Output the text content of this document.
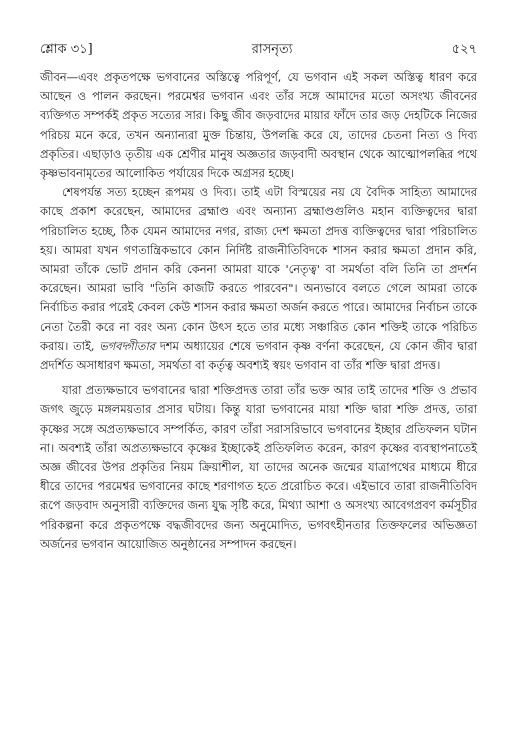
শ্লোক ৩১]	রাসনৃত্য	৫২৭

জীবন—এবং প্রকৃতপক্ষে ভগবানের অস্তিত্বে পরিপূর্ণ, যে ভগবান এই সকল অস্তিত্ব ধারণ করে আছেন ও পালন করছেন। পরমেশ্বর ভগবান এবং তাঁর সঙ্গে আমাদের মতো অসংখ্য জীবনের ব্যক্তিগত সম্পর্কই প্রকৃত সত্যের সার। কিছু জীব জড়বাদের মায়ার ফাঁদে তার জড় দেহটিকে নিজের পরিচয় মনে করে, তখন অন্যান্যরা মুক্ত চিন্তায়, উপলব্ধি করে যে, তাদের চেতনা নিত্য ও দিব্য প্রকৃতির। এছাড়াও তৃতীয় এক শ্রেণীর মানুষ অজ্ঞতার জড়বাদী অবস্থান থেকে আত্মোপলব্ধির পথে কৃষ্ণভাবনামৃতের আলোকিত পর্যায়ের দিকে অগ্রসর হচ্ছে।

শেষপর্যন্ত সত্য হচ্ছেন রূপময় ও দিব্য। তাই এটা বিস্ময়ের নয় যে বৈদিক সাহিত্য আমাদের কাছে প্রকাশ করেছেন, আমাদের ব্রহ্মাণ্ড এবং অন্যান্য ব্রহ্মাণ্ডগুলিও মহান ব্যক্তিত্বদের দ্বারা পরিচালিত হচ্ছে, ঠিক যেমন আমাদের নগর, রাজ্য দেশ ক্ষমতা প্রদত্ত ব্যক্তিত্বদের দ্বারা পরিচালিত হয়। আমরা যখন গণতান্ত্রিকভাবে কোন নির্দিষ্ট রাজনীতিবিদকে শাসন করার ক্ষমতা প্রদান করি, আমরা তাঁকে ভোট প্রদান করি কেননা আমরা যাকে 'নেতৃত্ব' বা সমর্থতা বলি তিনি তা প্রদর্শন করেছেন। আমরা ভাবি "তিনি কাজটি করতে পারবেন"। অন্যভাবে বলতে গেলে আমরা তাকে নির্বাচিত করার পরেই কেবল কেউ শাসন করার ক্ষমতা অর্জন করতে পারে। আমাদের নির্বাচন তাকে নেতা তৈরী করে না বরং অন্য কোন উৎস হতে তার মধ্যে সঞ্চারিত কোন শক্তিই তাকে পরিচিত করায়। তাই, ভগবদ্গীতার দশম অধ্যায়ের শেষে ভগবান কৃষ্ণ বর্ণনা করেছেন, যে কোন জীব দ্বারা প্রদর্শিত অসাধারণ ক্ষমতা, সমর্থতা বা কর্তৃত্ব অবশ্যই স্বয়ং ভগবান বা তাঁর শক্তি দ্বারা প্রদত্ত।

যারা প্রত্যক্ষভাবে ভগবানের দ্বারা শক্তিপ্রদত্ত তারা তাঁর ভক্ত আর তাই তাদের শক্তি ও প্রভাব জগৎ জুড়ে মঙ্গলময়তার প্রসার ঘটায়। কিন্তু যারা ভগবানের মায়া শক্তি দ্বারা শক্তি প্রদত্ত, তারা কৃষ্ণের সঙ্গে অপ্রত্যক্ষভাবে সম্পর্কিত, কারণ তাঁরা সরাসরিভাবে ভগবানের ইচ্ছার প্রতিফলন ঘটান না। অবশ্যই তাঁরা অপ্রত্যক্ষভাবে কৃষ্ণের ইচ্ছাকেই প্রতিফলিত করেন, কারণ কৃষ্ণের ব্যবস্থাপনাতেই অজ্ঞ জীবের উপর প্রকৃতির নিয়ম ক্রিয়াশীল, যা তাদের অনেক জন্মের যাত্রাপথের মাধ্যমে ধীরে ধীরে তাদের পরমেশ্বর ভগবানের কাছে শরণাগত হতে প্ররোচিত করে। এইভাবে তারা রাজনীতিবিদ রূপে জড়বাদ অনুসারী ব্যক্তিদের জন্য যুদ্ধ সৃষ্টি করে, মিথ্যা আশা ও অসংখ্য আবেগপ্রবণ কর্মসূচীর পরিকল্পনা করে প্রকৃতপক্ষে বদ্ধজীবদের জন্য অনুমোদিত, ভগবৎহীনতার তিক্তফলের অভিজ্ঞতা অর্জনের ভগবান আয়োজিত অনুষ্ঠানের সম্পাদন করছেন।
